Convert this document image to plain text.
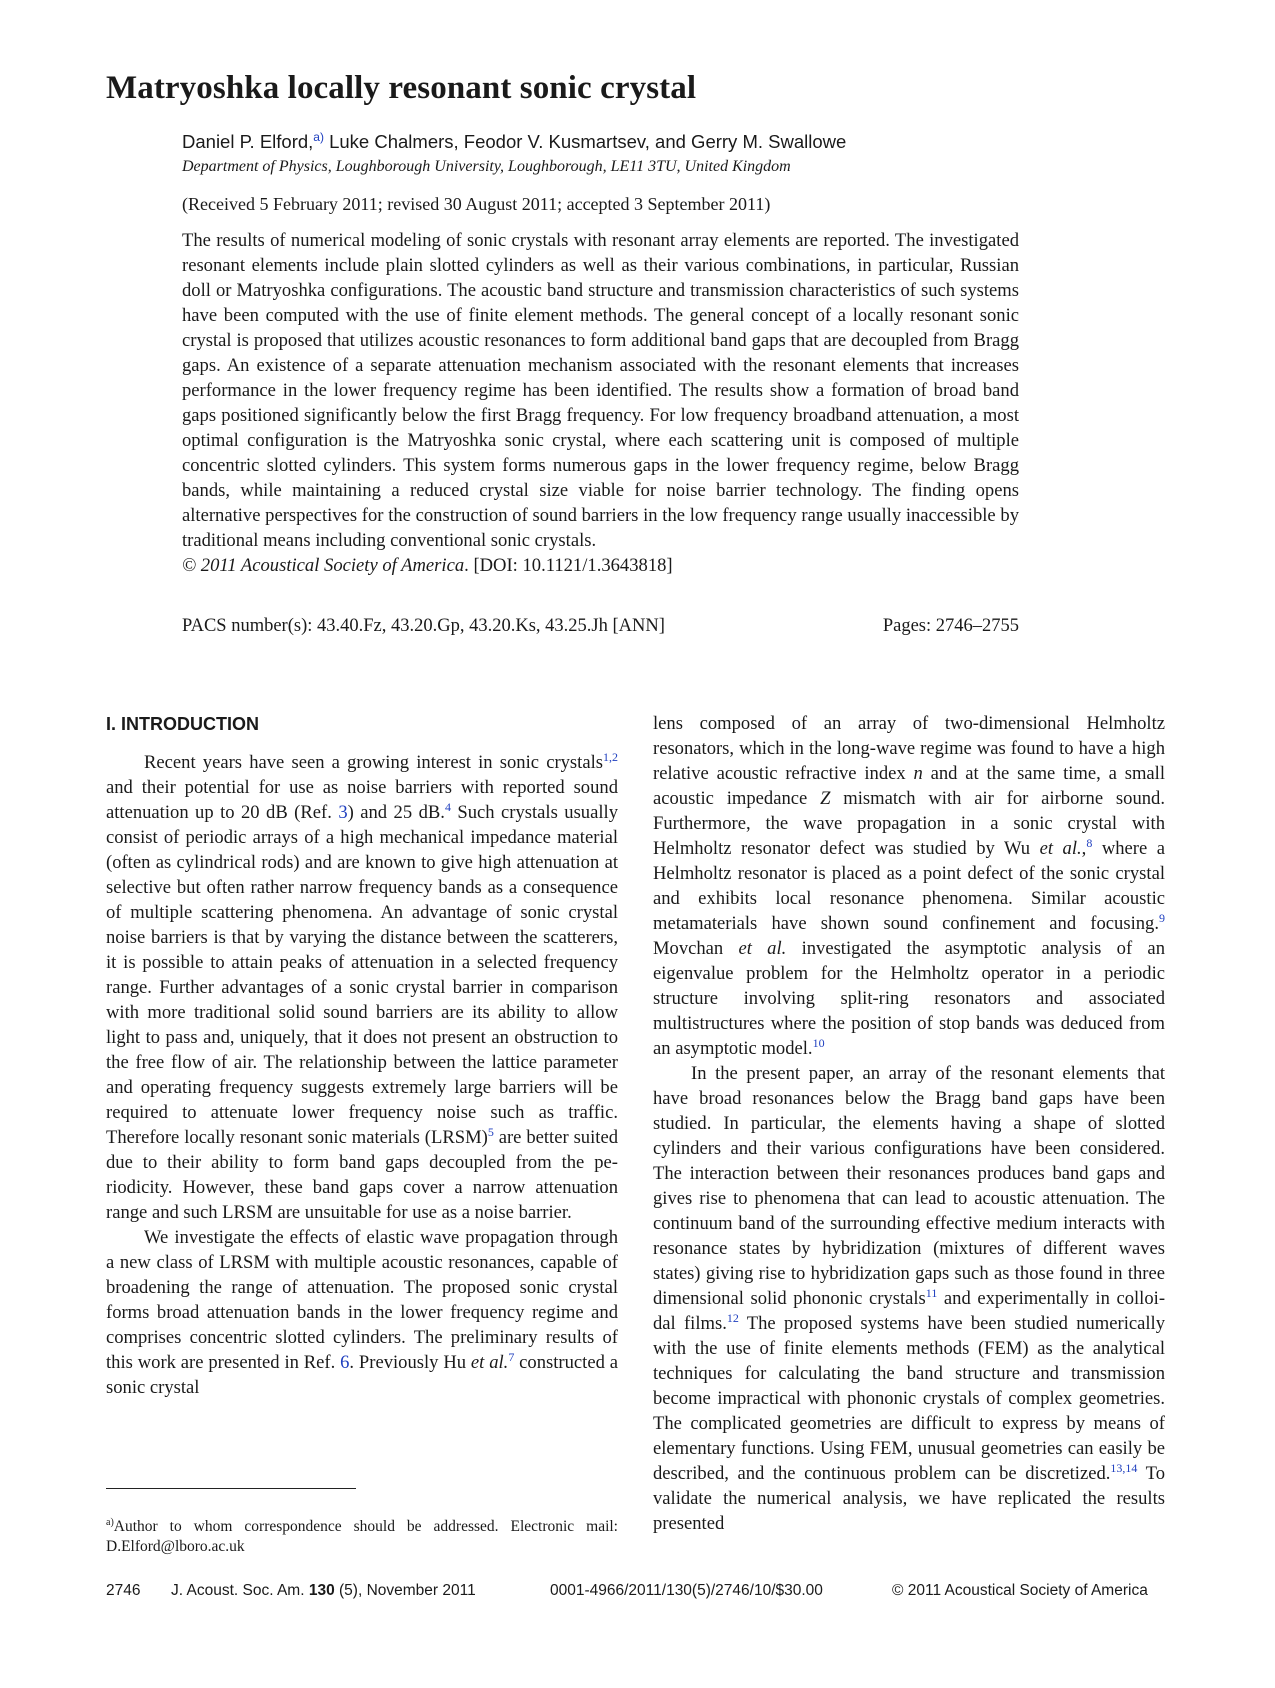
Matryoshka locally resonant sonic crystal
Daniel P. Elford,$^{a)}$ Luke Chalmers, Feodor V. Kusmartsev, and Gerry M. Swallowe
Department of Physics, Loughborough University, Loughborough, LE11 3TU, United Kingdom
(Received 5 February 2011; revised 30 August 2011; accepted 3 September 2011)
The results of numerical modeling of sonic crystals with resonant array elements are reported. The investigated resonant elements include plain slotted cylinders as well as their various combinations, in particular, Russian doll or Matryoshka configurations. The acoustic band structure and transmission characteristics of such systems have been computed with the use of finite element methods. The general concept of a locally resonant sonic crystal is proposed that utilizes acoustic resonances to form additional band gaps that are decoupled from Bragg gaps. An existence of a separate attenuation mechanism associated with the resonant elements that increases performance in the lower frequency regime has been identified. The results show a formation of broad band gaps positioned significantly below the first Bragg frequency. For low frequency broadband attenuation, a most optimal configuration is the Matryoshka sonic crystal, where each scattering unit is composed of multiple concentric slotted cylinders. This system forms numerous gaps in the lower frequency regime, below Bragg bands, while maintaining a reduced crystal size viable for noise barrier technology. The finding opens alternative perspectives for the construction of sound barriers in the low frequency range usually inaccessible by traditional means including conventional sonic crystals.
© 2011 Acoustical Society of America. [DOI: 10.1121/1.3643818]
PACS number(s): 43.40.Fz, 43.20.Gp, 43.20.Ks, 43.25.Jh [ANN]	Pages: 2746–2755
I. INTRODUCTION

Recent years have seen a growing interest in sonic crystals$^{1,2}$ and their potential for use as noise barriers with reported sound attenuation up to 20 dB (Ref. 3) and 25 dB.$^4$ Such crystals usually consist of periodic arrays of a high mechanical impedance material (often as cylindrical rods) and are known to give high attenuation at selective but often rather narrow frequency bands as a consequence of multiple scattering phenomena. An advantage of sonic crystal noise barriers is that by varying the distance between the scatterers, it is possible to attain peaks of attenuation in a selected frequency range. Further advantages of a sonic crystal barrier in comparison with more traditional solid sound barriers are its ability to allow light to pass and, uniquely, that it does not present an obstruction to the free flow of air. The relationship between the lattice parameter and operating frequency suggests extremely large barriers will be required to attenuate lower frequency noise such as traffic. Therefore locally resonant sonic materials (LRSM)$^5$ are better suited due to their ability to form band gaps decoupled from the periodicity. However, these band gaps cover a narrow attenuation range and such LRSM are unsuitable for use as a noise barrier.

We investigate the effects of elastic wave propagation through a new class of LRSM with multiple acoustic resonances, capable of broadening the range of attenuation. The proposed sonic crystal forms broad attenuation bands in the lower frequency regime and comprises concentric slotted cylinders. The preliminary results of this work are presented in Ref. 6. Previously Hu et al.$^7$ constructed a sonic crystal

lens composed of an array of two-dimensional Helmholtz resonators, which in the long-wave regime was found to have a high relative acoustic refractive index n and at the same time, a small acoustic impedance Z mismatch with air for airborne sound. Furthermore, the wave propagation in a sonic crystal with Helmholtz resonator defect was studied by Wu et al.,$^8$ where a Helmholtz resonator is placed as a point defect of the sonic crystal and exhibits local resonance phenomena. Similar acoustic metamaterials have shown sound confinement and focusing.$^9$ Movchan et al. investigated the asymptotic analysis of an eigenvalue problem for the Helmholtz operator in a periodic structure involving split-ring resonators and associated multistructures where the position of stop bands was deduced from an asymptotic model.$^{10}$

In the present paper, an array of the resonant elements that have broad resonances below the Bragg band gaps have been studied. In particular, the elements having a shape of slotted cylinders and their various configurations have been considered. The interaction between their resonances produces band gaps and gives rise to phenomena that can lead to acoustic attenuation. The continuum band of the surrounding effective medium interacts with resonance states by hybridization (mixtures of different waves states) giving rise to hybridization gaps such as those found in three dimensional solid phononic crystals$^{11}$ and experimentally in colloidal films.$^{12}$ The proposed systems have been studied numerically with the use of finite elements methods (FEM) as the analytical techniques for calculating the band structure and transmission become impractical with phononic crystals of complex geometries. The complicated geometries are difficult to express by means of elementary functions. Using FEM, unusual geometries can easily be described, and the continuous problem can be discretized.$^{13,14}$ To validate the numerical analysis, we have replicated the results presented

$^{a)}$Author to whom correspondence should be addressed. Electronic mail: D.Elford@lboro.ac.uk
2746 J. Acoust. Soc. Am. 130 (5), November 2011	0001-4966/2011/130(5)/2746/10/$30.00	© 2011 Acoustical Society of America
